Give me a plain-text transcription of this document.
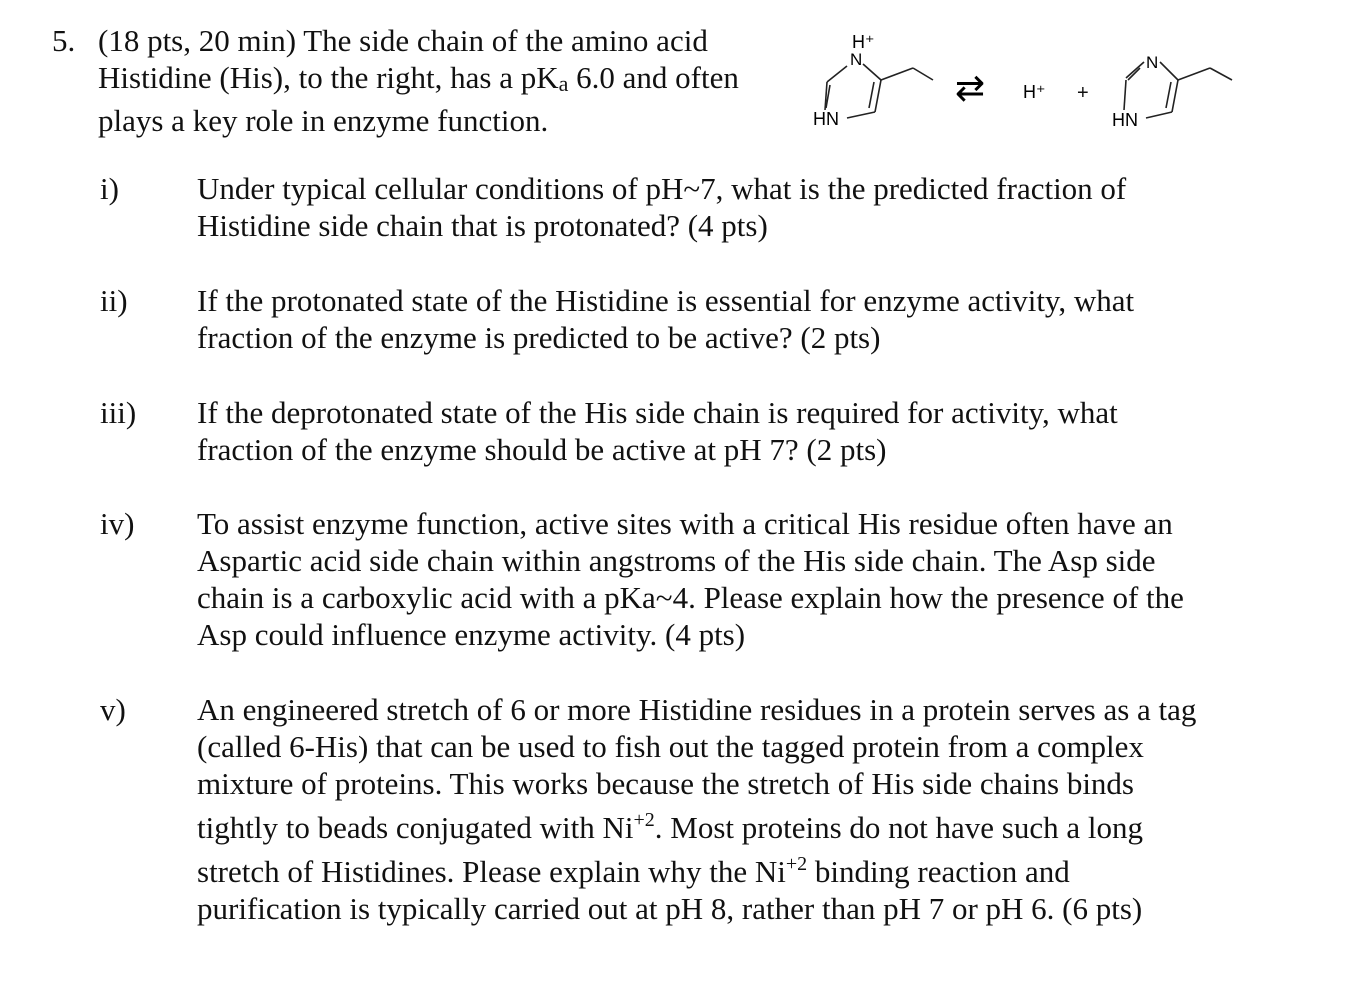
5. (18 pts, 20 min) The side chain of the amino acid
Histidine (His), to the right, has a pKa 6.0 and often
plays a key role in enzyme function.
H⁺
N
HN
⇄ H⁺ +
N
HN
i)	Under typical cellular conditions of pH~7, what is the predicted fraction of
Histidine side chain that is protonated? (4 pts)
ii) If the protonated state of the Histidine is essential for enzyme activity, what
fraction of the enzyme is predicted to be active? (2 pts)
iii) If the deprotonated state of the His side chain is required for activity, what
fraction of the enzyme should be active at pH 7? (2 pts)
iv) To assist enzyme function, active sites with a critical His residue often have an
Aspartic acid side chain within angstroms of the His side chain. The Asp side
chain is a carboxylic acid with a pKa~4. Please explain how the presence of the
Asp could influence enzyme activity. (4 pts)
v) An engineered stretch of 6 or more Histidine residues in a protein serves as a tag
(called 6-His) that can be used to fish out the tagged protein from a complex
mixture of proteins. This works because the stretch of His side chains binds
tightly to beads conjugated with $Ni^{+2}$. Most proteins do not have such a long
stretch of Histidines. Please explain why the $Ni^{+2}$ binding reaction and
purification is typically carried out at pH 8, rather than pH 7 or pH 6. (6 pts)
